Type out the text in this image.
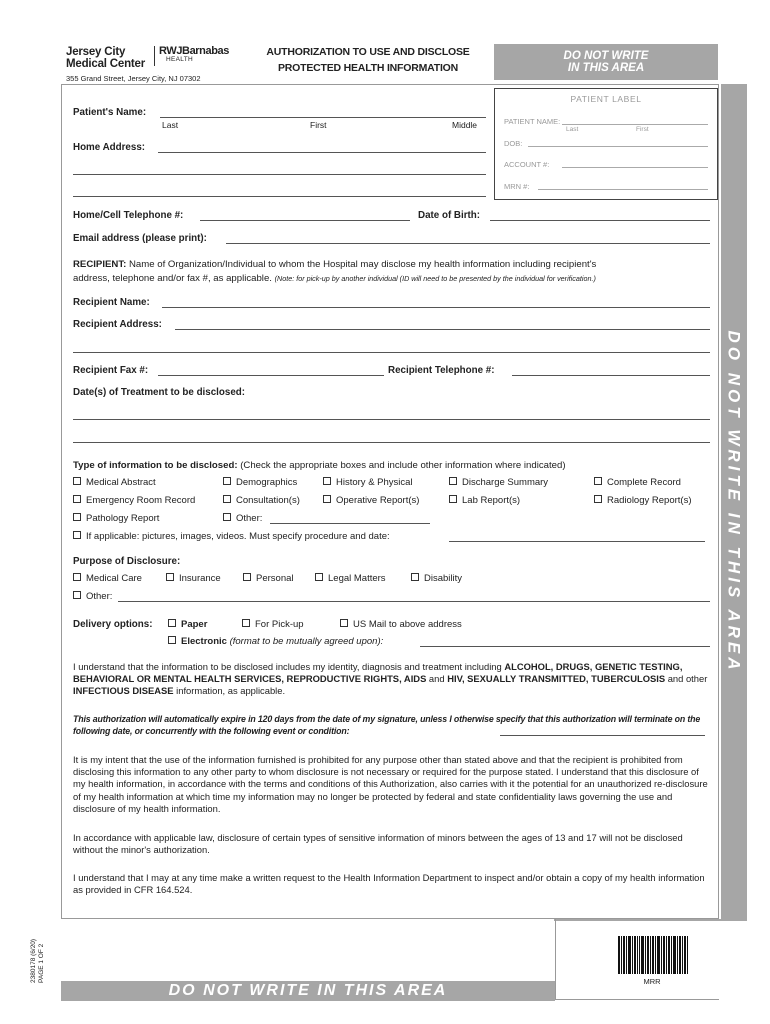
Jersey City
Medical Center
RWJBarnabas
HEALTH
355 Grand Street, Jersey City, NJ 07302
AUTHORIZATION TO USE AND DISCLOSE
PROTECTED HEALTH INFORMATION
DO NOT WRITE
IN THIS AREA
DO NOT WRITE IN THIS AREA
PATIENT LABEL
PATIENT NAME:
Last	First
DOB:
ACCOUNT #:
MRN #:
Patient's Name:
Last	First	Middle
Home Address:
Home/Cell Telephone #:	Date of Birth:
Email address (please print):
RECIPIENT: Name of Organization/Individual to whom the Hospital may disclose my health information including recipient's
address, telephone and/or fax #, as applicable. (Note: for pick-up by another individual (ID will need to be presented by the individual for verification.)
Recipient Name:
Recipient Address:
Recipient Fax #:	Recipient Telephone #:
Date(s) of Treatment to be disclosed:
Type of information to be disclosed: (Check the appropriate boxes and include other information where indicated)
Medical Abstract	Demographics	History & Physical	Discharge Summary	Complete Record
Emergency Room Record	Consultation(s)	Operative Report(s)	Lab Report(s)	Radiology Report(s)
Pathology Report	Other:
If applicable: pictures, images, videos. Must specify procedure and date:
Purpose of Disclosure:
Medical Care	Insurance	Personal	Legal Matters	Disability
Other:
Delivery options:	Paper	For Pick-up	US Mail to above address
Electronic (format to be mutually agreed upon):
I understand that the information to be disclosed includes my identity, diagnosis and treatment including ALCOHOL, DRUGS, GENETIC TESTING, BEHAVIORAL OR MENTAL HEALTH SERVICES, REPRODUCTIVE RIGHTS, AIDS and HIV, SEXUALLY TRANSMITTED, TUBERCULOSIS and other INFECTIOUS DISEASE information, as applicable.
This authorization will automatically expire in 120 days from the date of my signature, unless I otherwise specify that this authorization will terminate on the following date, or concurrently with the following event or condition:
It is my intent that the use of the information furnished is prohibited for any purpose other than stated above and that the recipient is prohibited from disclosing this information to any other party to whom disclosure is not necessary or required for the purpose stated. I understand that this disclosure of my health information, in accordance with the terms and conditions of this Authorization, also carries with it the potential for an unauthorized re-disclosure of my health information at which time my information may no longer be protected by federal and state confidentiality laws governing the use and disclosure of my health information.
In accordance with applicable law, disclosure of certain types of sensitive information of minors between the ages of 13 and 17 will not be disclosed without the minor's authorization.
I understand that I may at any time make a written request to the Health Information Department to inspect and/or obtain a copy of my health information as provided in CFR 164.524.
MRR
2380178 (6/20) PAGE 1 OF 2
DO NOT WRITE IN THIS AREA
